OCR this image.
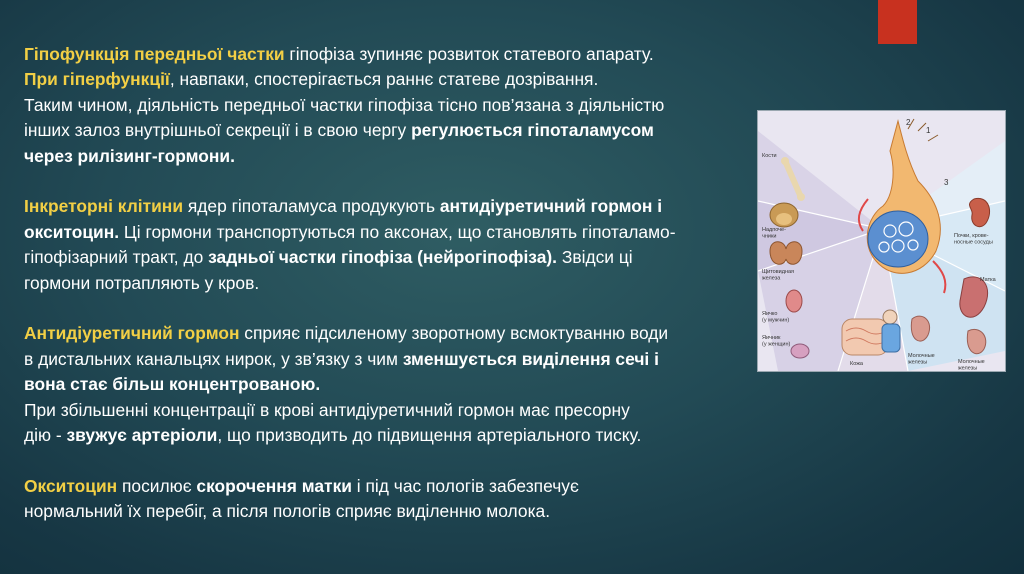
Гіпофункція передньої частки гіпофіза зупиняє розвиток статевого апарату.
При гіперфункції, навпаки, спостерігається раннє статеве дозрівання.
Таким чином, діяльність передньої частки гіпофіза тісно пов’язана з діяльністю
інших залоз внутрішньої секреції і в свою чергу регулюється гіпоталамусом
через рилізинг-гормони.
Інкреторні клітини ядер гіпоталамуса продукують антидіуретичний гормон і
окситоцин. Ці гормони транспортуються по аксонах, що становлять гіпоталамо-
гіпофізарний тракт, до задньої частки гіпофіза (нейрогіпофіза). Звідси ці
гормони потрапляють у кров.
Антидіуретичний гормон сприяє підсиленому зворотному всмоктуванню води
в дистальних канальцях нирок, у зв’язку з чим зменшується виділення сечі і
вона стає більш концентрованою.
При збільшенні концентрації в крові антидіуретичний гормон має пресорну
дію - звужує артеріоли, що призводить до підвищення артеріального тиску.
Окситоцин посилює скорочення матки і під час пологів забезпечує
нормальний їх перебіг, а після пологів сприяє виділенню молока.
2
1
3
Кости
Надпоче-чники
Щитовидная железа
Яичко (у мужчин)
Яичник (у женщин)
Кожа
Молочные железы
Почки, крове-носные сосуды
Матка
Молочные железы
